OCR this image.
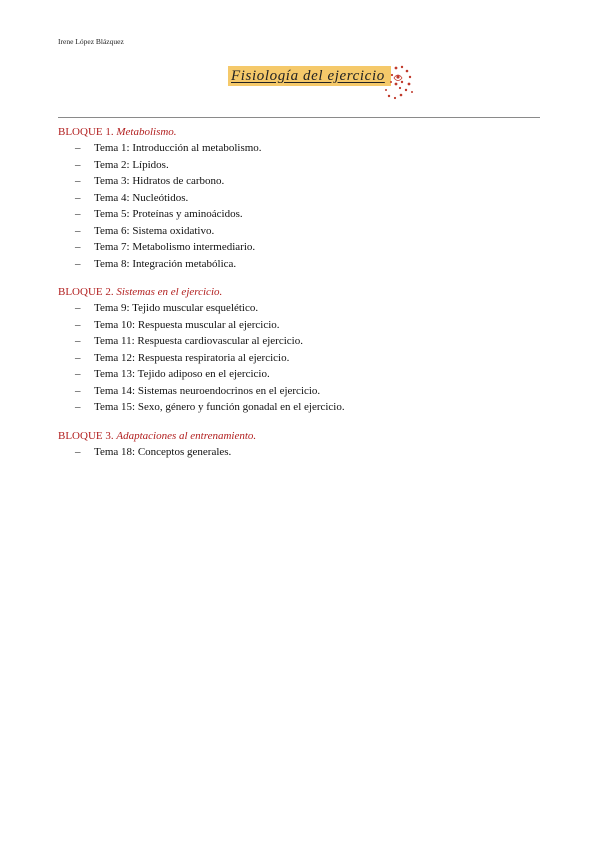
Irene López Blázquez
Fisiología del ejercicio
BLOQUE 1. Metabolismo.
– Tema 1: Introducción al metabolismo.
– Tema 2: Lípidos.
– Tema 3: Hidratos de carbono.
– Tema 4: Nucleótidos.
– Tema 5: Proteínas y aminoácidos.
– Tema 6: Sistema oxidativo.
– Tema 7: Metabolismo intermediario.
– Tema 8: Integración metabólica.
BLOQUE 2. Sistemas en el ejercicio.
– Tema 9: Tejido muscular esquelético.
– Tema 10: Respuesta muscular al ejercicio.
– Tema 11: Respuesta cardiovascular al ejercicio.
– Tema 12: Respuesta respiratoria al ejercicio.
– Tema 13: Tejido adiposo en el ejercicio.
– Tema 14: Sistemas neuroendocrinos en el ejercicio.
– Tema 15: Sexo, género y función gonadal en el ejercicio.
BLOQUE 3. Adaptaciones al entrenamiento.
– Tema 18: Conceptos generales.
